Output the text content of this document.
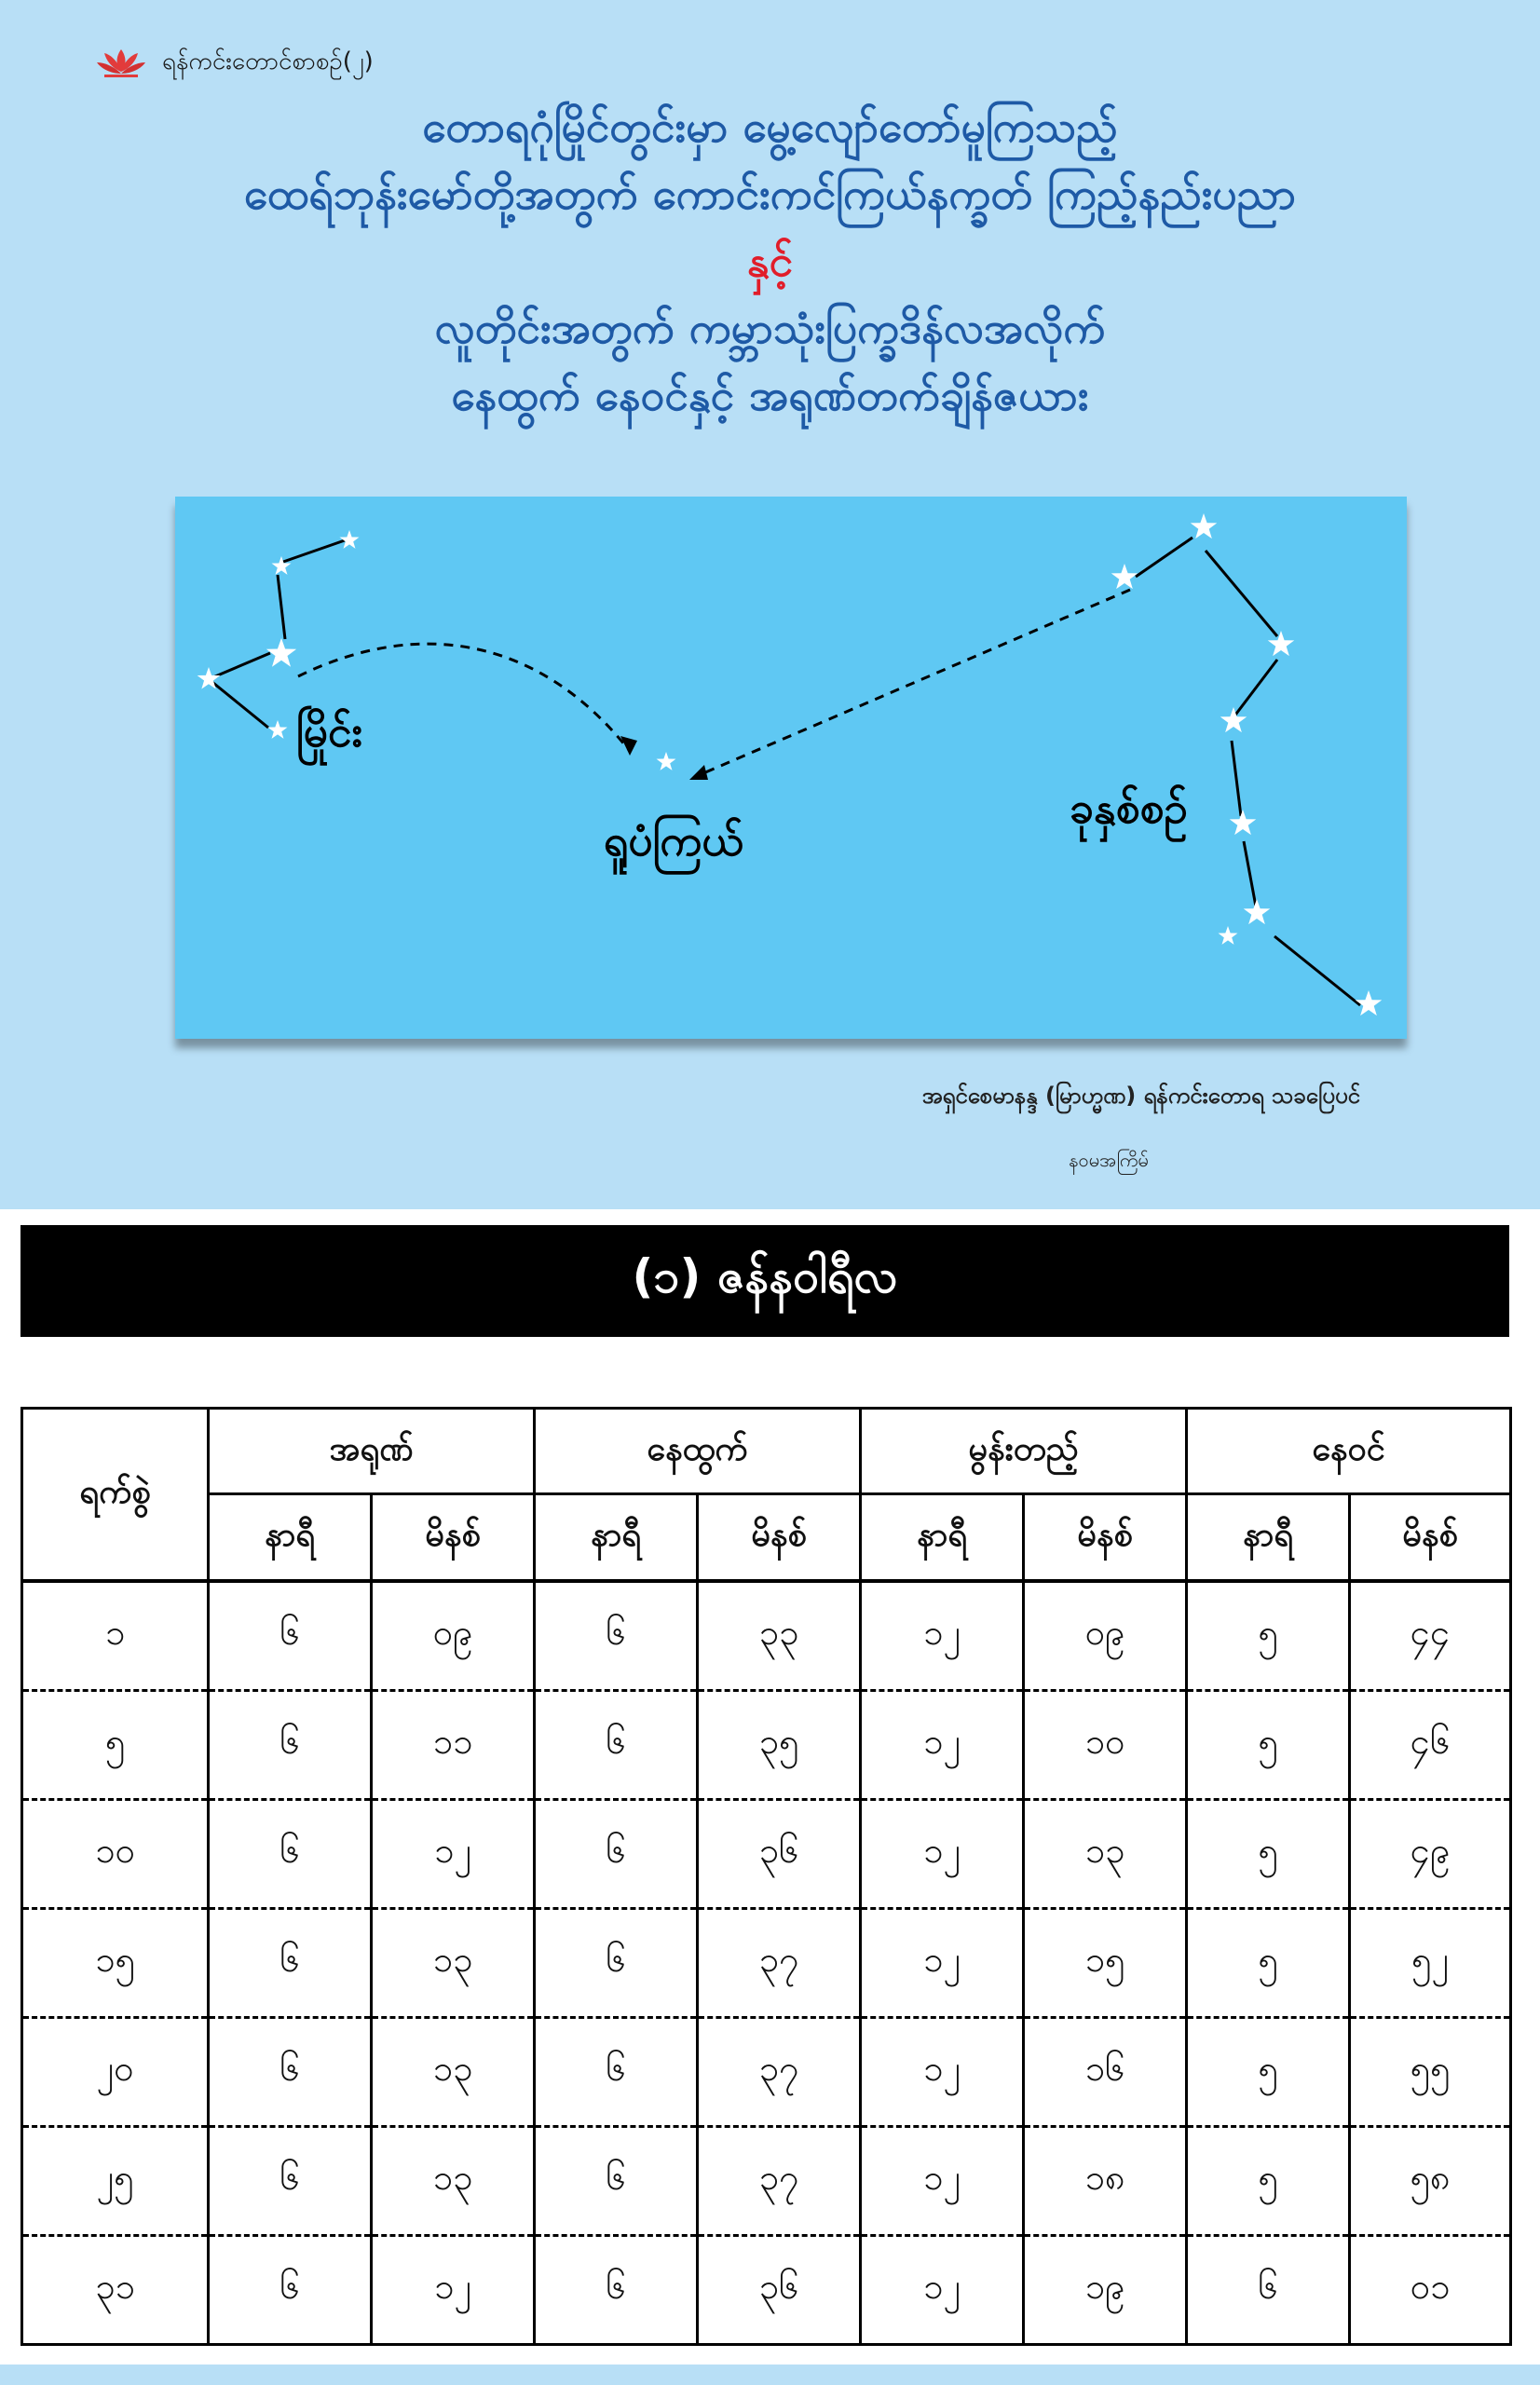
ရန်ကင်းတောင်စာစဉ်(၂)
တောရဂုံမြိုင်တွင်းမှာ မွေ့လျော်တော်မူကြသည့်
ထေရ်ဘုန်းမော်တို့အတွက် ကောင်းကင်ကြယ်နက္ခတ် ကြည့်နည်းပညာ
နှင့်
လူတိုင်းအတွက် ကမ္ဘာသုံးပြက္ခဒိန်လအလိုက်
နေထွက် နေဝင်နှင့် အရုဏ်တက်ချိန်ဇယား
မြိုင်း
ရူပံကြယ်
ခုနှစ်စဉ်
အရှင်စေမာနန္ဒ (မြာဟ္မဏ) ရန်ကင်းတောရ သခပြေပင်
နဝမအကြိမ်
(၁) ဇန်နဝါရီလ
ရက်စွဲ	အရုဏ်		နေထွက်		မွန်းတည့်		နေဝင်	
	နာရီ	မိနစ်	နာရီ	မိနစ်	နာရီ	မိနစ်	နာရီ	မိနစ်
၁	၆	၀၉	၆	၃၃	၁၂	၀၉	၅	၄၄
၅	၆	၁၁	၆	၃၅	၁၂	၁၀	၅	၄၆
၁၀	၆	၁၂	၆	၃၆	၁၂	၁၃	၅	၄၉
၁၅	၆	၁၃	၆	၃၇	၁၂	၁၅	၅	၅၂
၂၀	၆	၁၃	၆	၃၇	၁၂	၁၆	၅	၅၅
၂၅	၆	၁၃	၆	၃၇	၁၂	၁၈	၅	၅၈
၃၁	၆	၁၂	၆	၃၆	၁၂	၁၉	၆	၀၁
